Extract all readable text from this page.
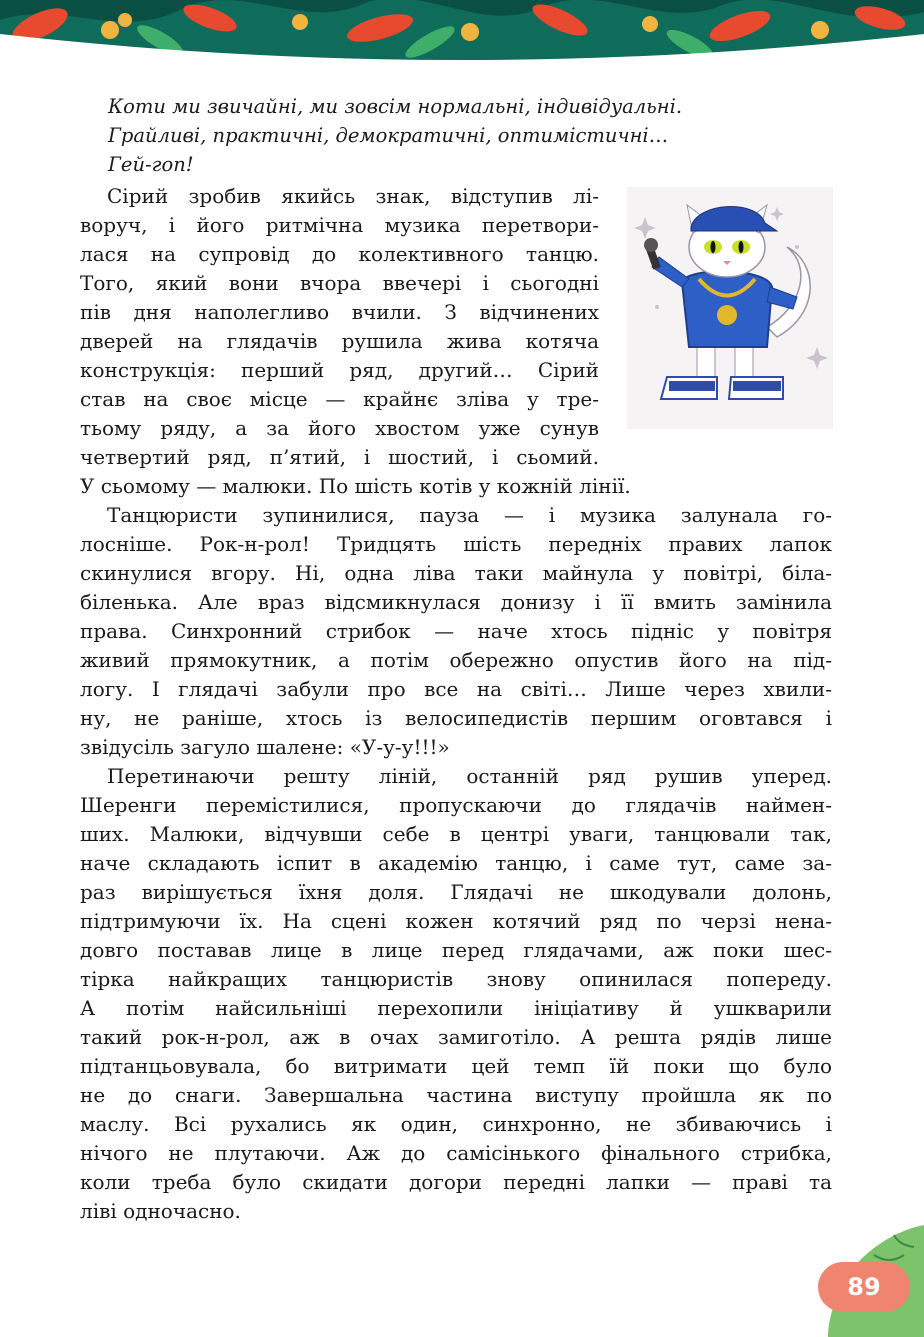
Коти ми звичайні, ми зовсім нормальні, індивідуальні.
Грайливі, практичні, демократичні, оптимістичні…
Гей-гоп!
Сірий зробив якийсь знак, відступив лі-
воруч, і його ритмічна музика перетвори-
лася на супровід до колективного танцю.
Того, який вони вчора ввечері і сьогодні
пів дня наполегливо вчили. З відчинених
дверей на глядачів рушила жива котяча
конструкція: перший ряд, другий… Сірий
став на своє місце — крайнє зліва у тре-
тьому ряду, а за його хвостом уже сунув
четвертий ряд, п’ятий, і шостий, і сьомий.
У сьомому — малюки. По шість котів у кожній лінії.
Танцюристи зупинилися, пауза — і музика залунала го-
лосніше. Рок-н-рол! Тридцять шість передніх правих лапок
скинулися вгору. Ні, одна ліва таки майнула у повітрі, біла-
біленька. Але враз відсмикнулася донизу і її вмить замінила
права. Синхронний стрибок — наче хтось підніс у повітря
живий прямокутник, а потім обережно опустив його на під-
логу. І глядачі забули про все на світі… Лише через хвили-
ну, не раніше, хтось із велосипедистів першим оговтався і
звідусіль загуло шалене: «У-у-у!!!»
Перетинаючи решту ліній, останній ряд рушив уперед.
Шеренги перемістилися, пропускаючи до глядачів наймен-
ших. Малюки, відчувши себе в центрі уваги, танцювали так,
наче складають іспит в академію танцю, і саме тут, саме за-
раз вирішується їхня доля. Глядачі не шкодували долонь,
підтримуючи їх. На сцені кожен котячий ряд по черзі нена-
довго поставав лице в лице перед глядачами, аж поки шес-
тірка найкращих танцюристів знову опинилася попереду.
А потім найсильніші перехопили ініціативу й ушкварили
такий рок-н-рол, аж в очах замиготіло. А решта рядів лише
підтанцьовувала, бо витримати цей темп їй поки що було
не до снаги. Завершальна частина виступу пройшла як по
маслу. Всі рухались як один, синхронно, не збиваючись і
нічого не плутаючи. Аж до самісінького фінального стрибка,
коли треба було скидати догори передні лапки — праві та
ліві одночасно.
89
